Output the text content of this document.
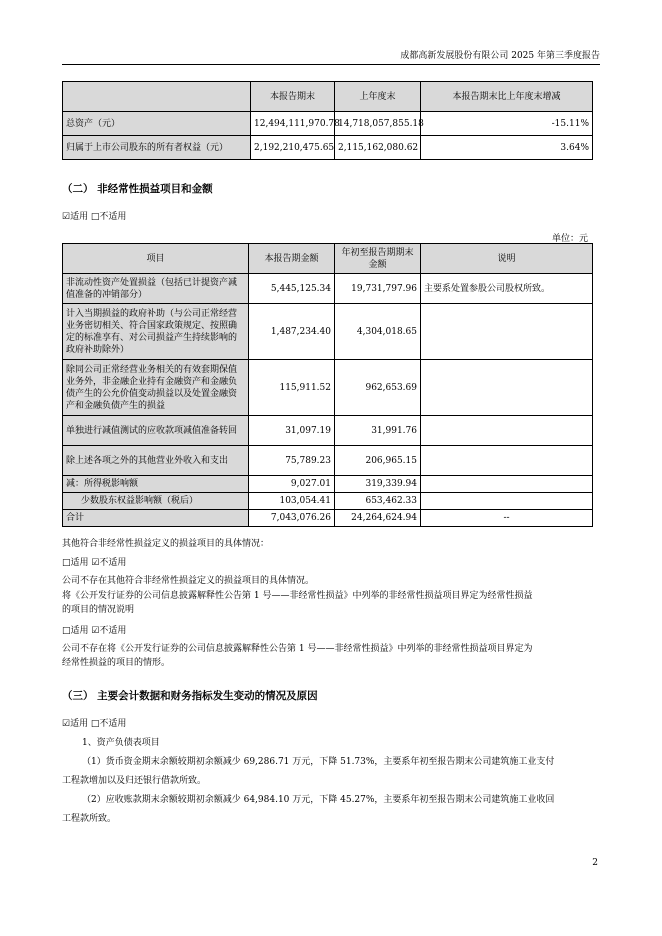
成都高新发展股份有限公司 2025 年第三季度报告
	本报告期末	上年度末	本报告期末比上年度末增减
总资产（元）	12,494,111,970.78	14,718,057,855.18	-15.11%
归属于上市公司股东的所有者权益（元）	2,192,210,475.65	2,115,162,080.62	3.64%
（二） 非经常性损益项目和金额
☑适用 □不适用
单位：元
项目	本报告期金额	年初至报告期期末金额	说明
非流动性资产处置损益（包括已计提资产减值准备的冲销部分）	5,445,125.34	19,731,797.96	主要系处置参股公司股权所致。
计入当期损益的政府补助（与公司正常经营业务密切相关、符合国家政策规定、按照确定的标准享有、对公司损益产生持续影响的政府补助除外）	1,487,234.40	4,304,018.65	
除同公司正常经营业务相关的有效套期保值业务外，非金融企业持有金融资产和金融负债产生的公允价值变动损益以及处置金融资产和金融负债产生的损益	115,911.52	962,653.69	
单独进行减值测试的应收款项减值准备转回	31,097.19	31,991.76	
除上述各项之外的其他营业外收入和支出	75,789.23	206,965.15	
减：所得税影响额	9,027.01	319,339.94	
少数股东权益影响额（税后）	103,054.41	653,462.33	
合计	7,043,076.26	24,264,624.94	--
其他符合非经常性损益定义的损益项目的具体情况：
□适用 ☑不适用
公司不存在其他符合非经常性损益定义的损益项目的具体情况。
将《公开发行证券的公司信息披露解释性公告第 1 号——非经常性损益》中列举的非经常性损益项目界定为经常性损益
的项目的情况说明
□适用 ☑不适用
公司不存在将《公开发行证券的公司信息披露解释性公告第 1 号——非经常性损益》中列举的非经常性损益项目界定为
经常性损益的项目的情形。
（三） 主要会计数据和财务指标发生变动的情况及原因
☑适用 □不适用
1、资产负债表项目
（1）货币资金期末余额较期初余额减少 69,286.71 万元，下降 51.73%，主要系年初至报告期末公司建筑施工业支付
工程款增加以及归还银行借款所致。
（2）应收账款期末余额较期初余额减少 64,984.10 万元，下降 45.27%，主要系年初至报告期末公司建筑施工业收回
工程款所致。
2
